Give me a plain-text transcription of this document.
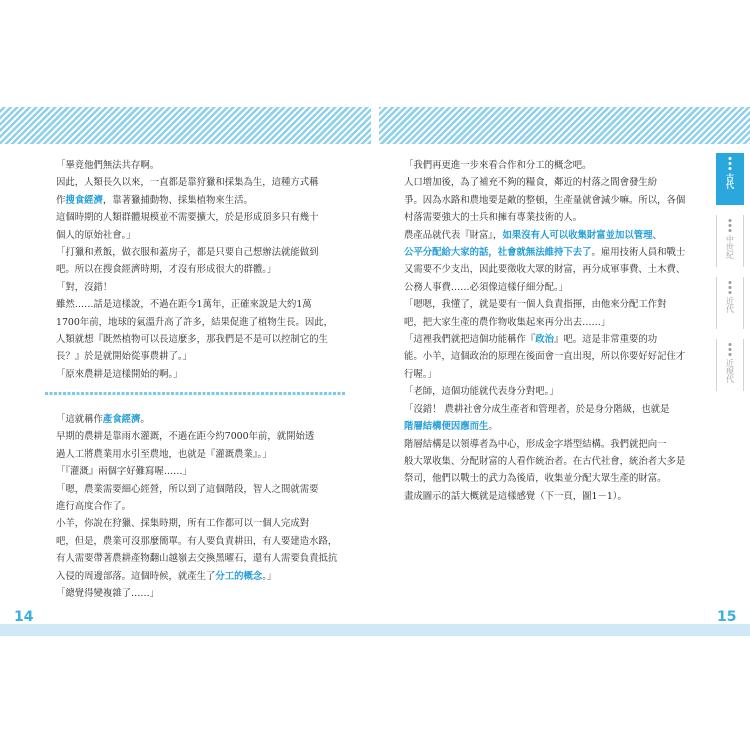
14	15

「畢竟他們無法共存啊。

因此，人類長久以來，一直都是靠狩獵和採集為生，這種方式稱

作搜食經濟，靠著獵捕動物、採集植物來生活。

這個時期的人類群體規模並不需要擴大，於是形成頂多只有幾十

個人的原始社會。」

「打獵和煮飯，做衣服和蓋房子，都是只要自己想辦法就能做到

吧。所以在搜食經濟時期，才沒有形成很大的群體。」

「對，沒錯！

雖然……話是這樣說，不過在距今1萬年，正確來說是大約1萬

1700年前，地球的氣溫升高了許多，結果促進了植物生長。因此，

人類就想『既然植物可以長這麼多，那我們是不是可以控制它的生

長？』於是就開始從事農耕了。」

「原來農耕是這樣開始的啊。」

「這就稱作產食經濟。

早期的農耕是靠雨水灌溉，不過在距今約7000年前，就開始透

過人工將農業用水引至農地，也就是『灌溉農業』。」

「『灌溉』兩個字好難寫喔……」

「嗯，農業需要細心經營，所以到了這個階段，智人之間就需要

進行高度合作了。

小羊，你說在狩獵、採集時期，所有工作都可以一個人完成對

吧，但是，農業可沒那麼簡單。有人要負責耕田，有人要建造水路，

有人需要帶著農耕產物翻山越嶺去交換黑曜石，還有人需要負責抵抗

入侵的周邊部落。這個時候，就產生了分工的概念。」

「總覺得變複雜了……」

「我們再更進一步來看合作和分工的概念吧。

人口增加後，為了補充不夠的糧食，鄰近的村落之間會發生紛

爭。因為水路和農地要是敵的整頓，生產量就會減少嘛。所以，各個

村落需要強大的士兵和擁有專業技術的人。

農產品就代表『財富』，如果沒有人可以收集財富並加以管理、

公平分配給大家的話，社會就無法維持下去了。雇用技術人員和戰士

又需要不少支出，因此要徵收大眾的財富，再分成軍事費、土木費、

公務人事費……必須像這樣仔細分配。」

「嗯嗯，我懂了，就是要有一個人負責指揮，由他來分配工作對

吧，把大家生產的農作物收集起來再分出去……」

「這裡我們就把這個功能稱作『政治』吧。這是非常重要的功

能。小羊，這個政治的原理在後面會一直出現，所以你要好好記住才

行喔。」

「老師，這個功能就代表身分對吧。」

「沒錯！ 農耕社會分成生產者和管理者，於是身分階級，也就是

階層結構便因應而生。

階層結構是以領導者為中心，形成金字塔型結構。我們就把向一

般大眾收集、分配財富的人看作統治者。在古代社會，統治者大多是

祭司，他們以戰士的武力為後盾，收集並分配大眾生產的財富。

畫成圖示的話大概就是這樣感覺（下一頁，圖1－1）。

古代
中世紀
近代
近現代
